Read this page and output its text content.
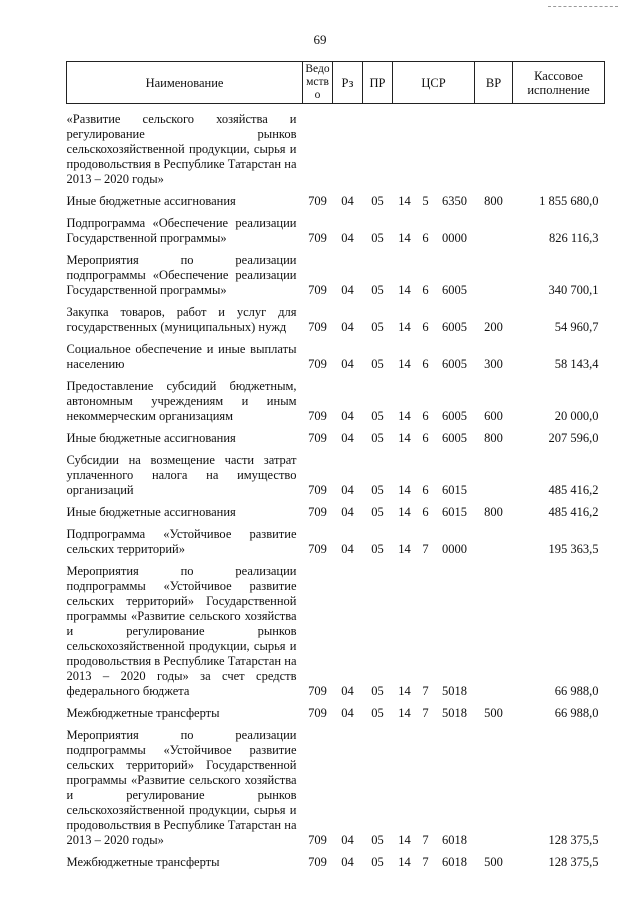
69
Наименование	Ведомство	Рз	ПР	ЦСР			ВР	Кассовое исполнение

«Развитие сельского хозяйства и регулирование рынков сельскохозяйственной продукции, сырья и продовольствия в Республике Татарстан на 2013 – 2020 годы»								
Иные бюджетные ассигнования	709	04	05	14	5	6350	800	1 855 680,0
Подпрограмма «Обеспечение реализации Государственной программы»	709	04	05	14	6	0000		826 116,3
Мероприятия по реализации подпрограммы «Обеспечение реализации Государственной программы»	709	04	05	14	6	6005		340 700,1
Закупка товаров, работ и услуг для государственных (муниципальных) нужд	709	04	05	14	6	6005	200	54 960,7
Социальное обеспечение и иные выплаты населению	709	04	05	14	6	6005	300	58 143,4
Предоставление субсидий бюджетным, автономным учреждениям и иным некоммерческим организациям	709	04	05	14	6	6005	600	20 000,0
Иные бюджетные ассигнования	709	04	05	14	6	6005	800	207 596,0
Субсидии на возмещение части затрат уплаченного налога на имущество организаций	709	04	05	14	6	6015		485 416,2
Иные бюджетные ассигнования	709	04	05	14	6	6015	800	485 416,2
Подпрограмма «Устойчивое развитие сельских территорий»	709	04	05	14	7	0000		195 363,5
Мероприятия по реализации подпрограммы «Устойчивое развитие сельских территорий» Государственной программы «Развитие сельского хозяйства и регулирование рынков сельскохозяйственной продукции, сырья и продовольствия в Республике Татарстан на 2013 – 2020 годы» за счет средств федерального бюджета	709	04	05	14	7	5018		66 988,0
Межбюджетные трансферты	709	04	05	14	7	5018	500	66 988,0
Мероприятия по реализации подпрограммы «Устойчивое развитие сельских территорий» Государственной программы «Развитие сельского хозяйства и регулирование рынков сельскохозяйственной продукции, сырья и продовольствия в Республике Татарстан на 2013 – 2020 годы»	709	04	05	14	7	6018		128 375,5
Межбюджетные трансферты	709	04	05	14	7	6018	500	128 375,5
